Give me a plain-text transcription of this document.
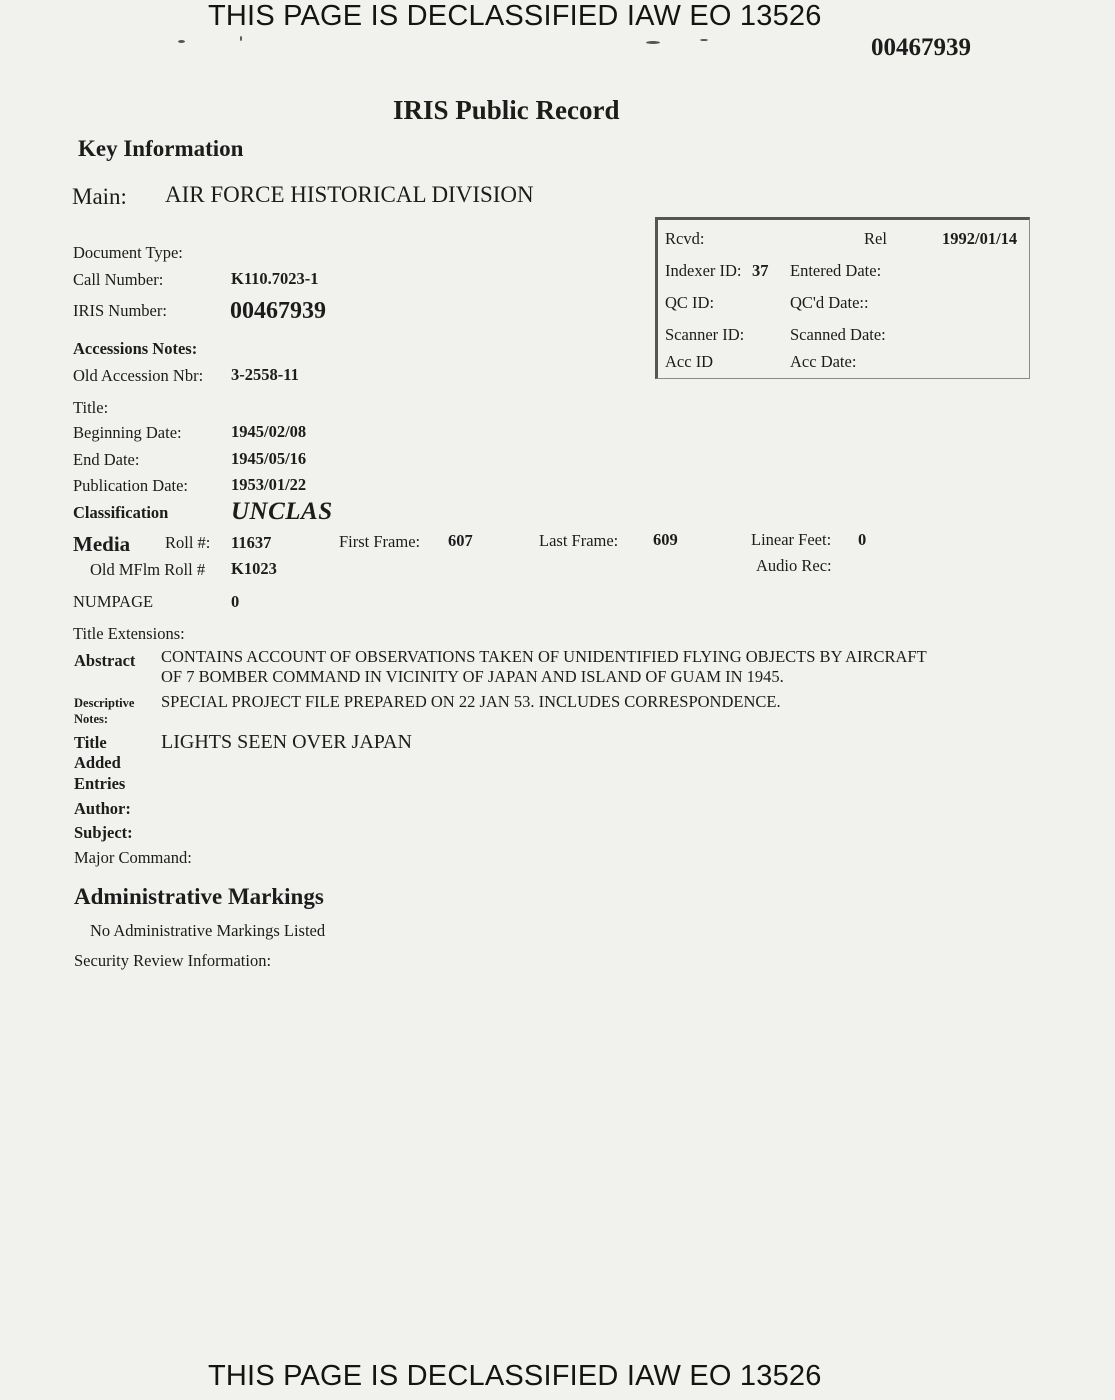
THIS PAGE IS DECLASSIFIED IAW EO 13526
00467939
IRIS Public Record
Key Information
Main: AIR FORCE HISTORICAL DIVISION
Rcvd:	Rel	1992/01/14
Indexer ID: 37 Entered Date:
QC ID:	QC'd Date::
Scanner ID:	Scanned Date:
Acc ID	Acc Date:
Document Type:
Call Number:	K110.7023-1
IRIS Number:	00467939
Accessions Notes:
Old Accession Nbr: 3-2558-11
Title:
Beginning Date:	1945/02/08
End Date:	1945/05/16
Publication Date:	1953/01/22
Classification	UNCLAS
Media Roll #: 11637	First Frame: 607	Last Frame: 609	Linear Feet: 0
Old MFlm Roll # K1023	Audio Rec:
NUMPAGE	0
Title Extensions:
Abstract CONTAINS ACCOUNT OF OBSERVATIONS TAKEN OF UNIDENTIFIED FLYING OBJECTS BY AIRCRAFT
OF 7 BOMBER COMMAND IN VICINITY OF JAPAN AND ISLAND OF GUAM IN 1945.
Descriptive
Notes:
SPECIAL PROJECT FILE PREPARED ON 22 JAN 53. INCLUDES CORRESPONDENCE.
Title
Added
Entries
LIGHTS SEEN OVER JAPAN
Author:
Subject:
Major Command:
Administrative Markings
No Administrative Markings Listed
Security Review Information:
THIS PAGE IS DECLASSIFIED IAW EO 13526
